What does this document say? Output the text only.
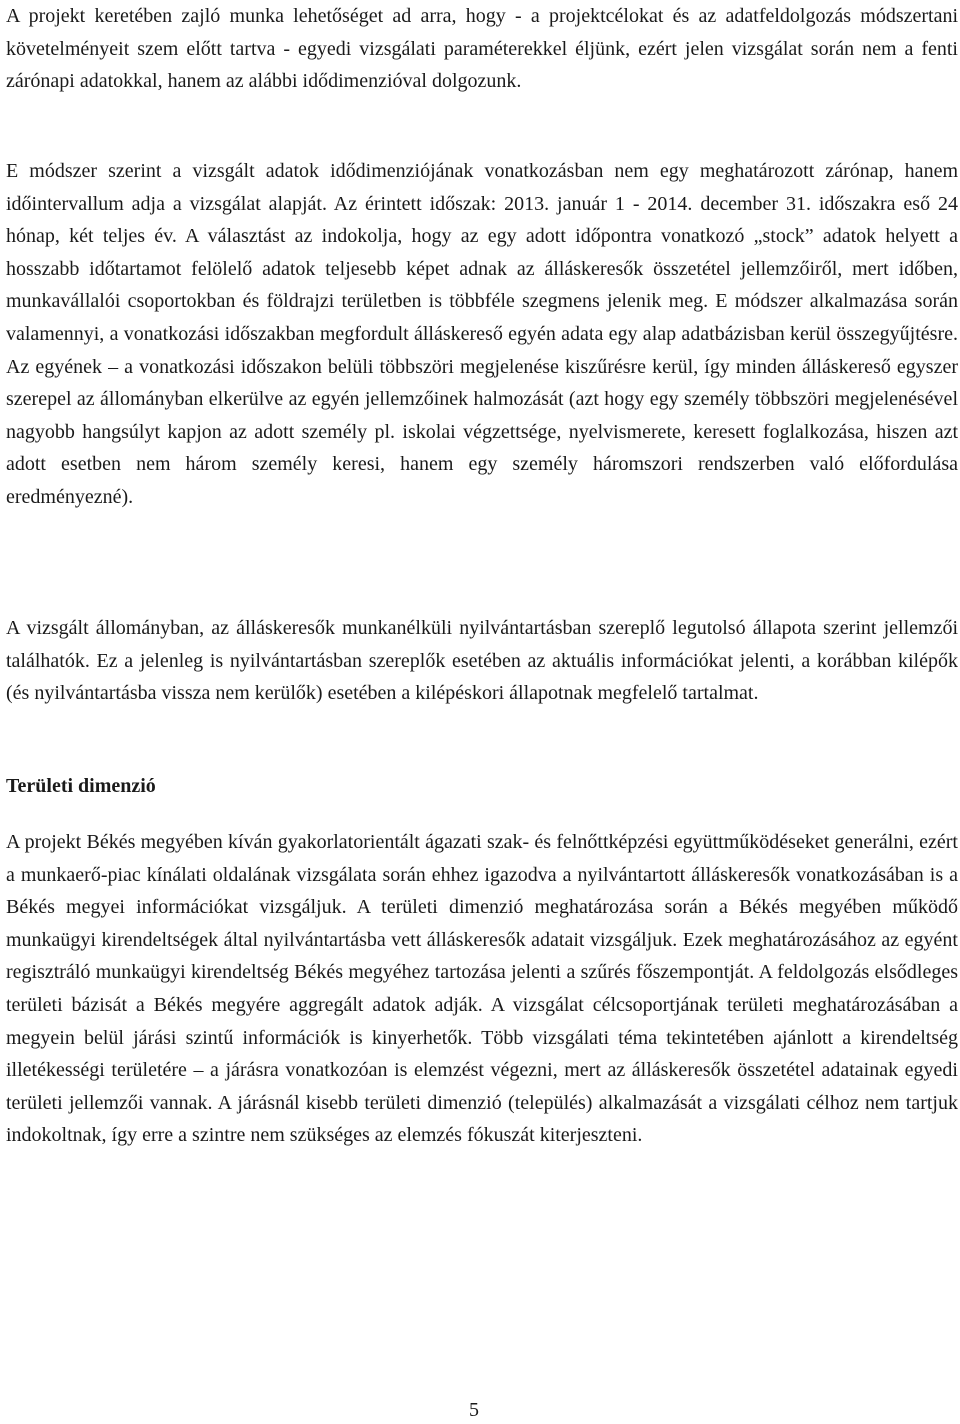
A projekt keretében zajló munka lehetőséget ad arra, hogy - a projektcélokat és az adatfeldolgozás módszertani követelményeit szem előtt tartva - egyedi vizsgálati paraméterekkel éljünk, ezért jelen vizsgálat során nem a fenti zárónapi adatokkal, hanem az alábbi idődimenzióval dolgozunk.

E módszer szerint a vizsgált adatok idődimenziójának vonatkozásban nem egy meghatározott zárónap, hanem időintervallum adja a vizsgálat alapját. Az érintett időszak: 2013. január 1 - 2014. december 31. időszakra eső 24 hónap, két teljes év. A választást az indokolja, hogy az egy adott időpontra vonatkozó „stock” adatok helyett a hosszabb időtartamot felölelő adatok teljesebb képet adnak az álláskeresők összetétel jellemzőiről, mert időben, munkavállalói csoportokban és földrajzi területben is többféle szegmens jelenik meg. E módszer alkalmazása során valamennyi, a vonatkozási időszakban megfordult álláskereső egyén adata egy alap adatbázisban kerül összegyűjtésre. Az egyének – a vonatkozási időszakon belüli többszöri megjelenése kiszűrésre kerül, így minden álláskereső egyszer szerepel az állományban elkerülve az egyén jellemzőinek halmozását (azt hogy egy személy többszöri megjelenésével nagyobb hangsúlyt kapjon az adott személy pl. iskolai végzettsége, nyelvismerete, keresett foglalkozása, hiszen azt adott esetben nem három személy keresi, hanem egy személy háromszori rendszerben való előfordulása eredményezné).

A vizsgált állományban, az álláskeresők munkanélküli nyilvántartásban szereplő legutolsó állapota szerint jellemzői találhatók. Ez a jelenleg is nyilvántartásban szereplők esetében az aktuális információkat jelenti, a korábban kilépők (és nyilvántartásba vissza nem kerülők) esetében a kilépéskori állapotnak megfelelő tartalmat.

Területi dimenzió

A projekt Békés megyében kíván gyakorlatorientált ágazati szak- és felnőttképzési együttműködéseket generálni, ezért a munkaerő-piac kínálati oldalának vizsgálata során ehhez igazodva a nyilvántartott álláskeresők vonatkozásában is a Békés megyei információkat vizsgáljuk. A területi dimenzió meghatározása során a Békés megyében működő munkaügyi kirendeltségek által nyilvántartásba vett álláskeresők adatait vizsgáljuk. Ezek meghatározásához az egyént regisztráló munkaügyi kirendeltség Békés megyéhez tartozása jelenti a szűrés főszempontját. A feldolgozás elsődleges területi bázisát a Békés megyére aggregált adatok adják. A vizsgálat célcsoportjának területi meghatározásában a megyein belül járási szintű információk is kinyerhetők. Több vizsgálati téma tekintetében ajánlott a kirendeltség illetékességi területére – a járásra vonatkozóan is elemzést végezni, mert az álláskeresők összetétel adatainak egyedi területi jellemzői vannak. A járásnál kisebb területi dimenzió (település) alkalmazását a vizsgálati célhoz nem tartjuk indokoltnak, így erre a szintre nem szükséges az elemzés fókuszát kiterjeszteni.

5
